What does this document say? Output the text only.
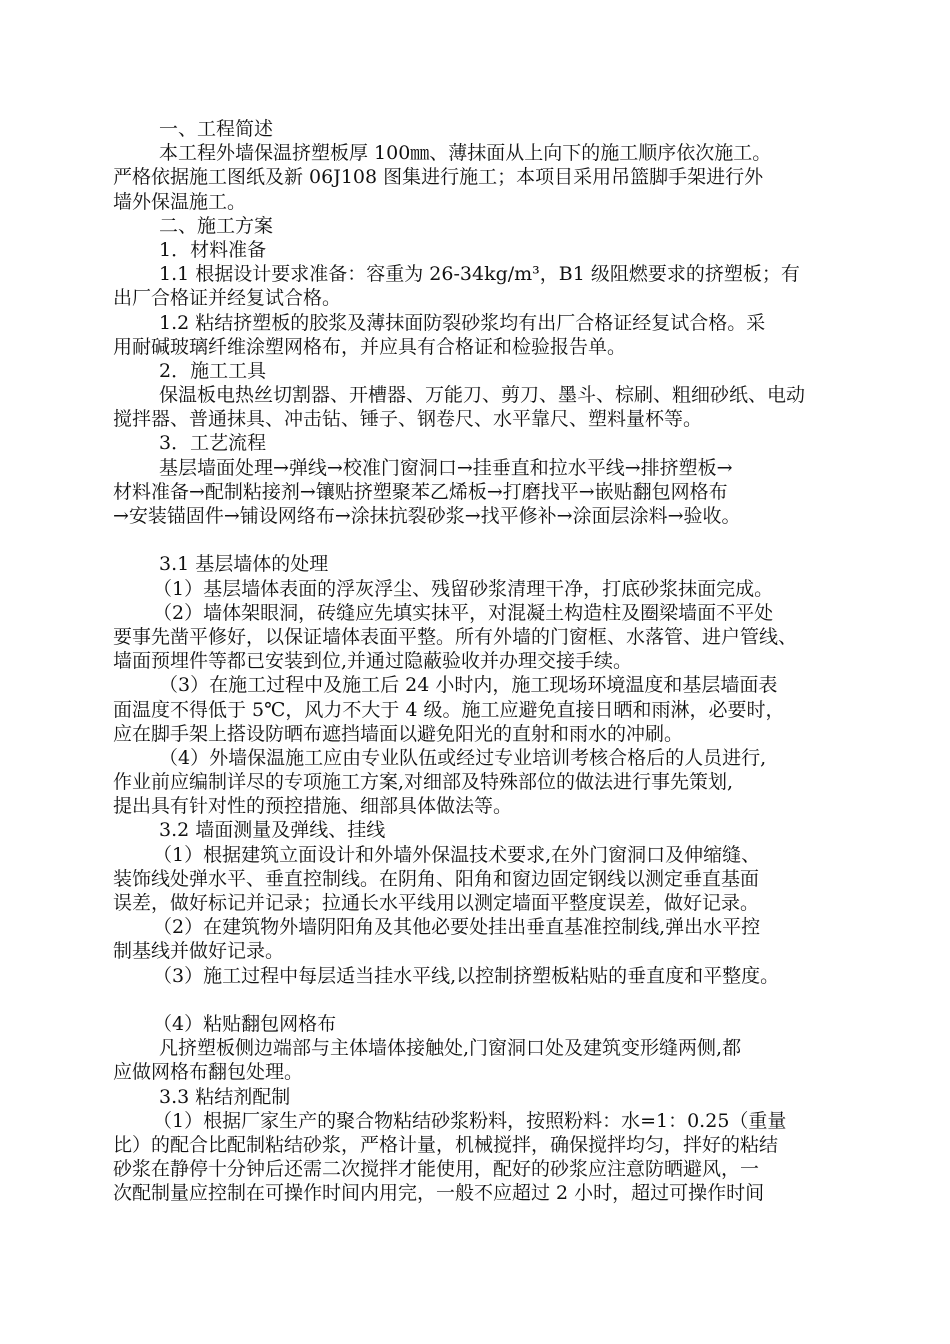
一、工程简述
本工程外墙保温挤塑板厚 100㎜、薄抹面从上向下的施工顺序依次施工。
严格依据施工图纸及新 06J108 图集进行施工；本项目采用吊篮脚手架进行外
墙外保温施工。
二、施工方案
1．材料准备
1.1 根据设计要求准备：容重为 26-34kg/m³，B1 级阻燃要求的挤塑板；有
出厂合格证并经复试合格。
1.2 粘结挤塑板的胶浆及薄抹面防裂砂浆均有出厂合格证经复试合格。采
用耐碱玻璃纤维涂塑网格布，并应具有合格证和检验报告单。
2．施工工具
保温板电热丝切割器、开槽器、万能刀、剪刀、墨斗、棕刷、粗细砂纸、电动
搅拌器、普通抹具、冲击钻、锤子、钢卷尺、水平靠尺、塑料量杯等。
3．工艺流程
基层墙面处理→弹线→校准门窗洞口→挂垂直和拉水平线→排挤塑板→
材料准备→配制粘接剂→镶贴挤塑聚苯乙烯板→打磨找平→嵌贴翻包网格布
→安装锚固件→铺设网络布→涂抹抗裂砂浆→找平修补→涂面层涂料→验收。
3.1 基层墙体的处理
（1）基层墙体表面的浮灰浮尘、残留砂浆清理干净，打底砂浆抹面完成。
（2）墙体架眼洞，砖缝应先填实抹平，对混凝土构造柱及圈梁墙面不平处
要事先凿平修好，以保证墙体表面平整。所有外墙的门窗框、水落管、进户管线、
墙面预埋件等都已安装到位,并通过隐蔽验收并办理交接手续。
（3）在施工过程中及施工后 24 小时内，施工现场环境温度和基层墙面表
面温度不得低于 5℃，风力不大于 4 级。施工应避免直接日晒和雨淋，必要时，
应在脚手架上搭设防晒布遮挡墙面以避免阳光的直射和雨水的冲刷。
（4）外墙保温施工应由专业队伍或经过专业培训考核合格后的人员进行,
作业前应编制详尽的专项施工方案,对细部及特殊部位的做法进行事先策划,
提出具有针对性的预控措施、细部具体做法等。
3.2 墙面测量及弹线、挂线
（1）根据建筑立面设计和外墙外保温技术要求,在外门窗洞口及伸缩缝、
装饰线处弹水平、垂直控制线。在阴角、阳角和窗边固定钢线以测定垂直基面
误差，做好标记并记录；拉通长水平线用以测定墙面平整度误差，做好记录。
（2）在建筑物外墙阴阳角及其他必要处挂出垂直基准控制线,弹出水平控
制基线并做好记录。
（3）施工过程中每层适当挂水平线,以控制挤塑板粘贴的垂直度和平整度。
（4）粘贴翻包网格布
凡挤塑板侧边端部与主体墙体接触处,门窗洞口处及建筑变形缝两侧,都
应做网格布翻包处理。
3.3 粘结剂配制
（1）根据厂家生产的聚合物粘结砂浆粉料，按照粉料：水=1：0.25（重量
比）的配合比配制粘结砂浆，严格计量，机械搅拌，确保搅拌均匀，拌好的粘结
砂浆在静停十分钟后还需二次搅拌才能使用，配好的砂浆应注意防晒避风，一
次配制量应控制在可操作时间内用完，一般不应超过 2 小时，超过可操作时间
